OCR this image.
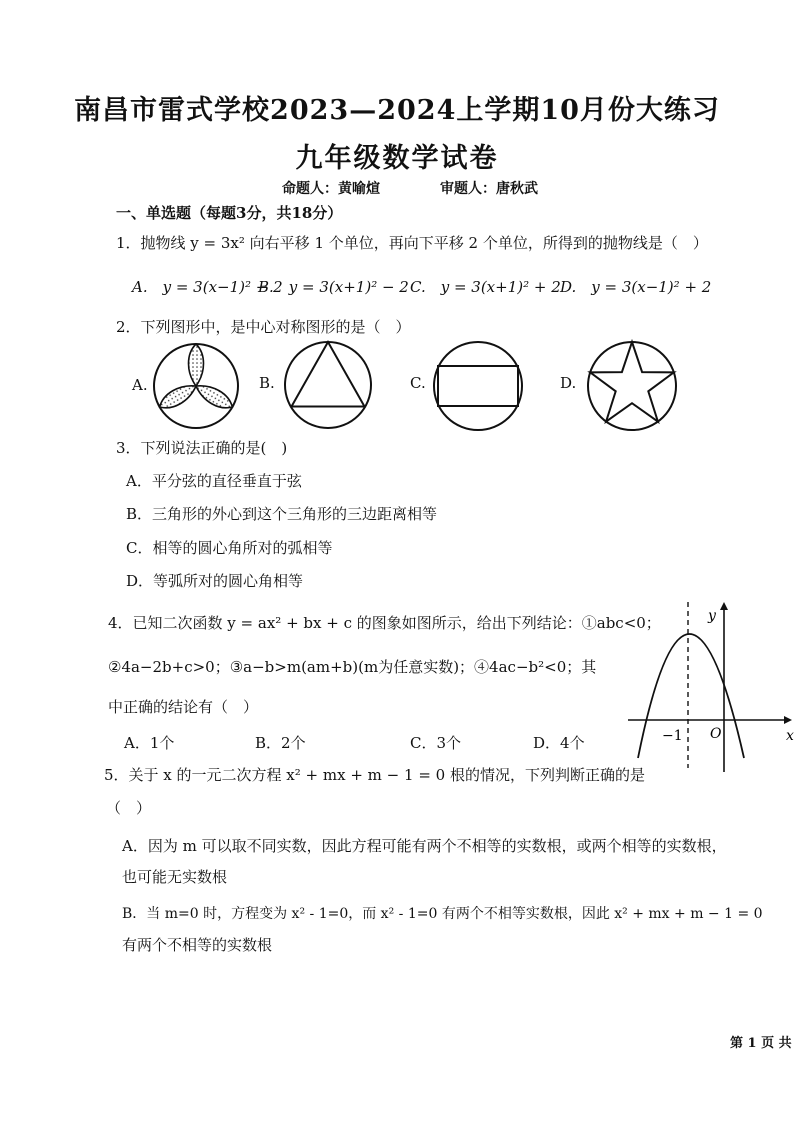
南昌市雷式学校2023—2024上学期10月份大练习
九年级数学试卷
命题人：黄喻煊	审题人：唐秋武
一、单选题（每题3分，共18分）
1．抛物线 y = 3x² 向右平移 1 个单位，再向下平移 2 个单位，所得到的抛物线是（　）
A.　y = 3(x−1)² − 2
B.　y = 3(x+1)² − 2 C.　y = 3(x+1)² + 2 D.　y = 3(x−1)² + 2
2．下列图形中，是中心对称图形的是（　）
A.	B.	C.	D.
3．下列说法正确的是(　)
A．平分弦的直径垂直于弦
B．三角形的外心到这个三角形的三边距离相等
C．相等的圆心角所对的弧相等
D．等弧所对的圆心角相等
4．已知二次函数 y = ax² + bx + c 的图象如图所示，给出下列结论：①abc<0；
②4a−2b+c>0；③a−b>m(am+b)(m为任意实数)；④4ac−b²<0；其
中正确的结论有（　）
A．1个	B．2个	C．3个	D．4个
y
x
−1 O
5．关于 x 的一元二次方程 x² + mx + m − 1 = 0 根的情况，下列判断正确的是
（　）
A．因为 m 可以取不同实数，因此方程可能有两个不相等的实数根，或两个相等的实数根，
也可能无实数根
B．当 m=0 时，方程变为 x² - 1=0，而 x² - 1=0 有两个不相等实数根，因此 x² + mx + m − 1 = 0
有两个不相等的实数根
第 1 页 共
